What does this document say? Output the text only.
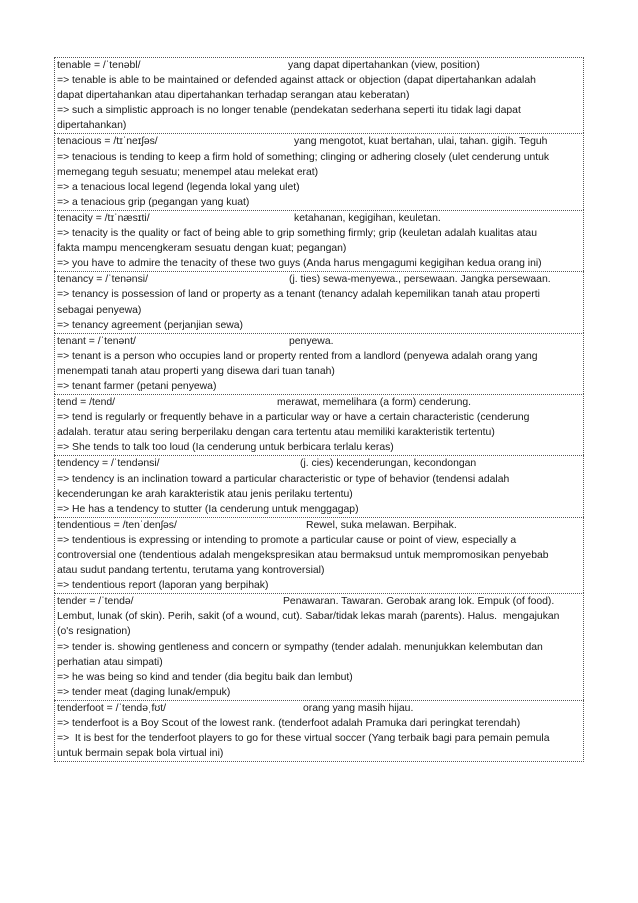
tenable = /ˈtenəbl/	yang dapat dipertahankan (view, position)
=> tenable is able to be maintained or defended against attack or objection (dapat dipertahankan adalah
dapat dipertahankan atau dipertahankan terhadap serangan atau keberatan)
=> such a simplistic approach is no longer tenable (pendekatan sederhana seperti itu tidak lagi dapat
dipertahankan)
tenacious = /tɪˈneɪʃəs/	yang mengotot, kuat bertahan, ulai, tahan. gigih. Teguh
=> tenacious is tending to keep a firm hold of something; clinging or adhering closely (ulet cenderung untuk
memegang teguh sesuatu; menempel atau melekat erat)
=> a tenacious local legend (legenda lokal yang ulet)
=> a tenacious grip (pegangan yang kuat)
tenacity = /tɪˈnæsɪti/	ketahanan, kegigihan, keuletan.
=> tenacity is the quality or fact of being able to grip something firmly; grip (keuletan adalah kualitas atau
fakta mampu mencengkeram sesuatu dengan kuat; pegangan)
=> you have to admire the tenacity of these two guys (Anda harus mengagumi kegigihan kedua orang ini)
tenancy = /ˈtenənsi/	(j. ties) sewa-menyewa., persewaan. Jangka persewaan.
=> tenancy is possession of land or property as a tenant (tenancy adalah kepemilikan tanah atau properti
sebagai penyewa)
=> tenancy agreement (perjanjian sewa)
tenant = /ˈtenənt/	penyewa.
=> tenant is a person who occupies land or property rented from a landlord (penyewa adalah orang yang
menempati tanah atau properti yang disewa dari tuan tanah)
=> tenant farmer (petani penyewa)
tend = /tend/	merawat, memelihara (a form) cenderung.
=> tend is regularly or frequently behave in a particular way or have a certain characteristic (cenderung
adalah. teratur atau sering berperilaku dengan cara tertentu atau memiliki karakteristik tertentu)
=> She tends to talk too loud (Ia cenderung untuk berbicara terlalu keras)
tendency = /ˈtendənsi/	(j. cies) kecenderungan, kecondongan
=> tendency is an inclination toward a particular characteristic or type of behavior (tendensi adalah
kecenderungan ke arah karakteristik atau jenis perilaku tertentu)
=> He has a tendency to stutter (Ia cenderung untuk menggagap)
tendentious = /tenˈdenʃəs/	Rewel, suka melawan. Berpihak.
=> tendentious is expressing or intending to promote a particular cause or point of view, especially a
controversial one (tendentious adalah mengekspresikan atau bermaksud untuk mempromosikan penyebab
atau sudut pandang tertentu, terutama yang kontroversial)
=> tendentious report (laporan yang berpihak)
tender = /ˈtendə/	Penawaran. Tawaran. Gerobak arang lok. Empuk (of food).
Lembut, lunak (of skin). Perih, sakit (of a wound, cut). Sabar/tidak lekas marah (parents). Halus.  mengajukan
(o's resignation)
=> tender is. showing gentleness and concern or sympathy (tender adalah. menunjukkan kelembutan dan
perhatian atau simpati)
=> he was being so kind and tender (dia begitu baik dan lembut)
=> tender meat (daging lunak/empuk)
tenderfoot = /ˈtendəˌfʊt/	orang yang masih hijau.
=> tenderfoot is a Boy Scout of the lowest rank. (tenderfoot adalah Pramuka dari peringkat terendah)
=>  It is best for the tenderfoot players to go for these virtual soccer (Yang terbaik bagi para pemain pemula
untuk bermain sepak bola virtual ini)
